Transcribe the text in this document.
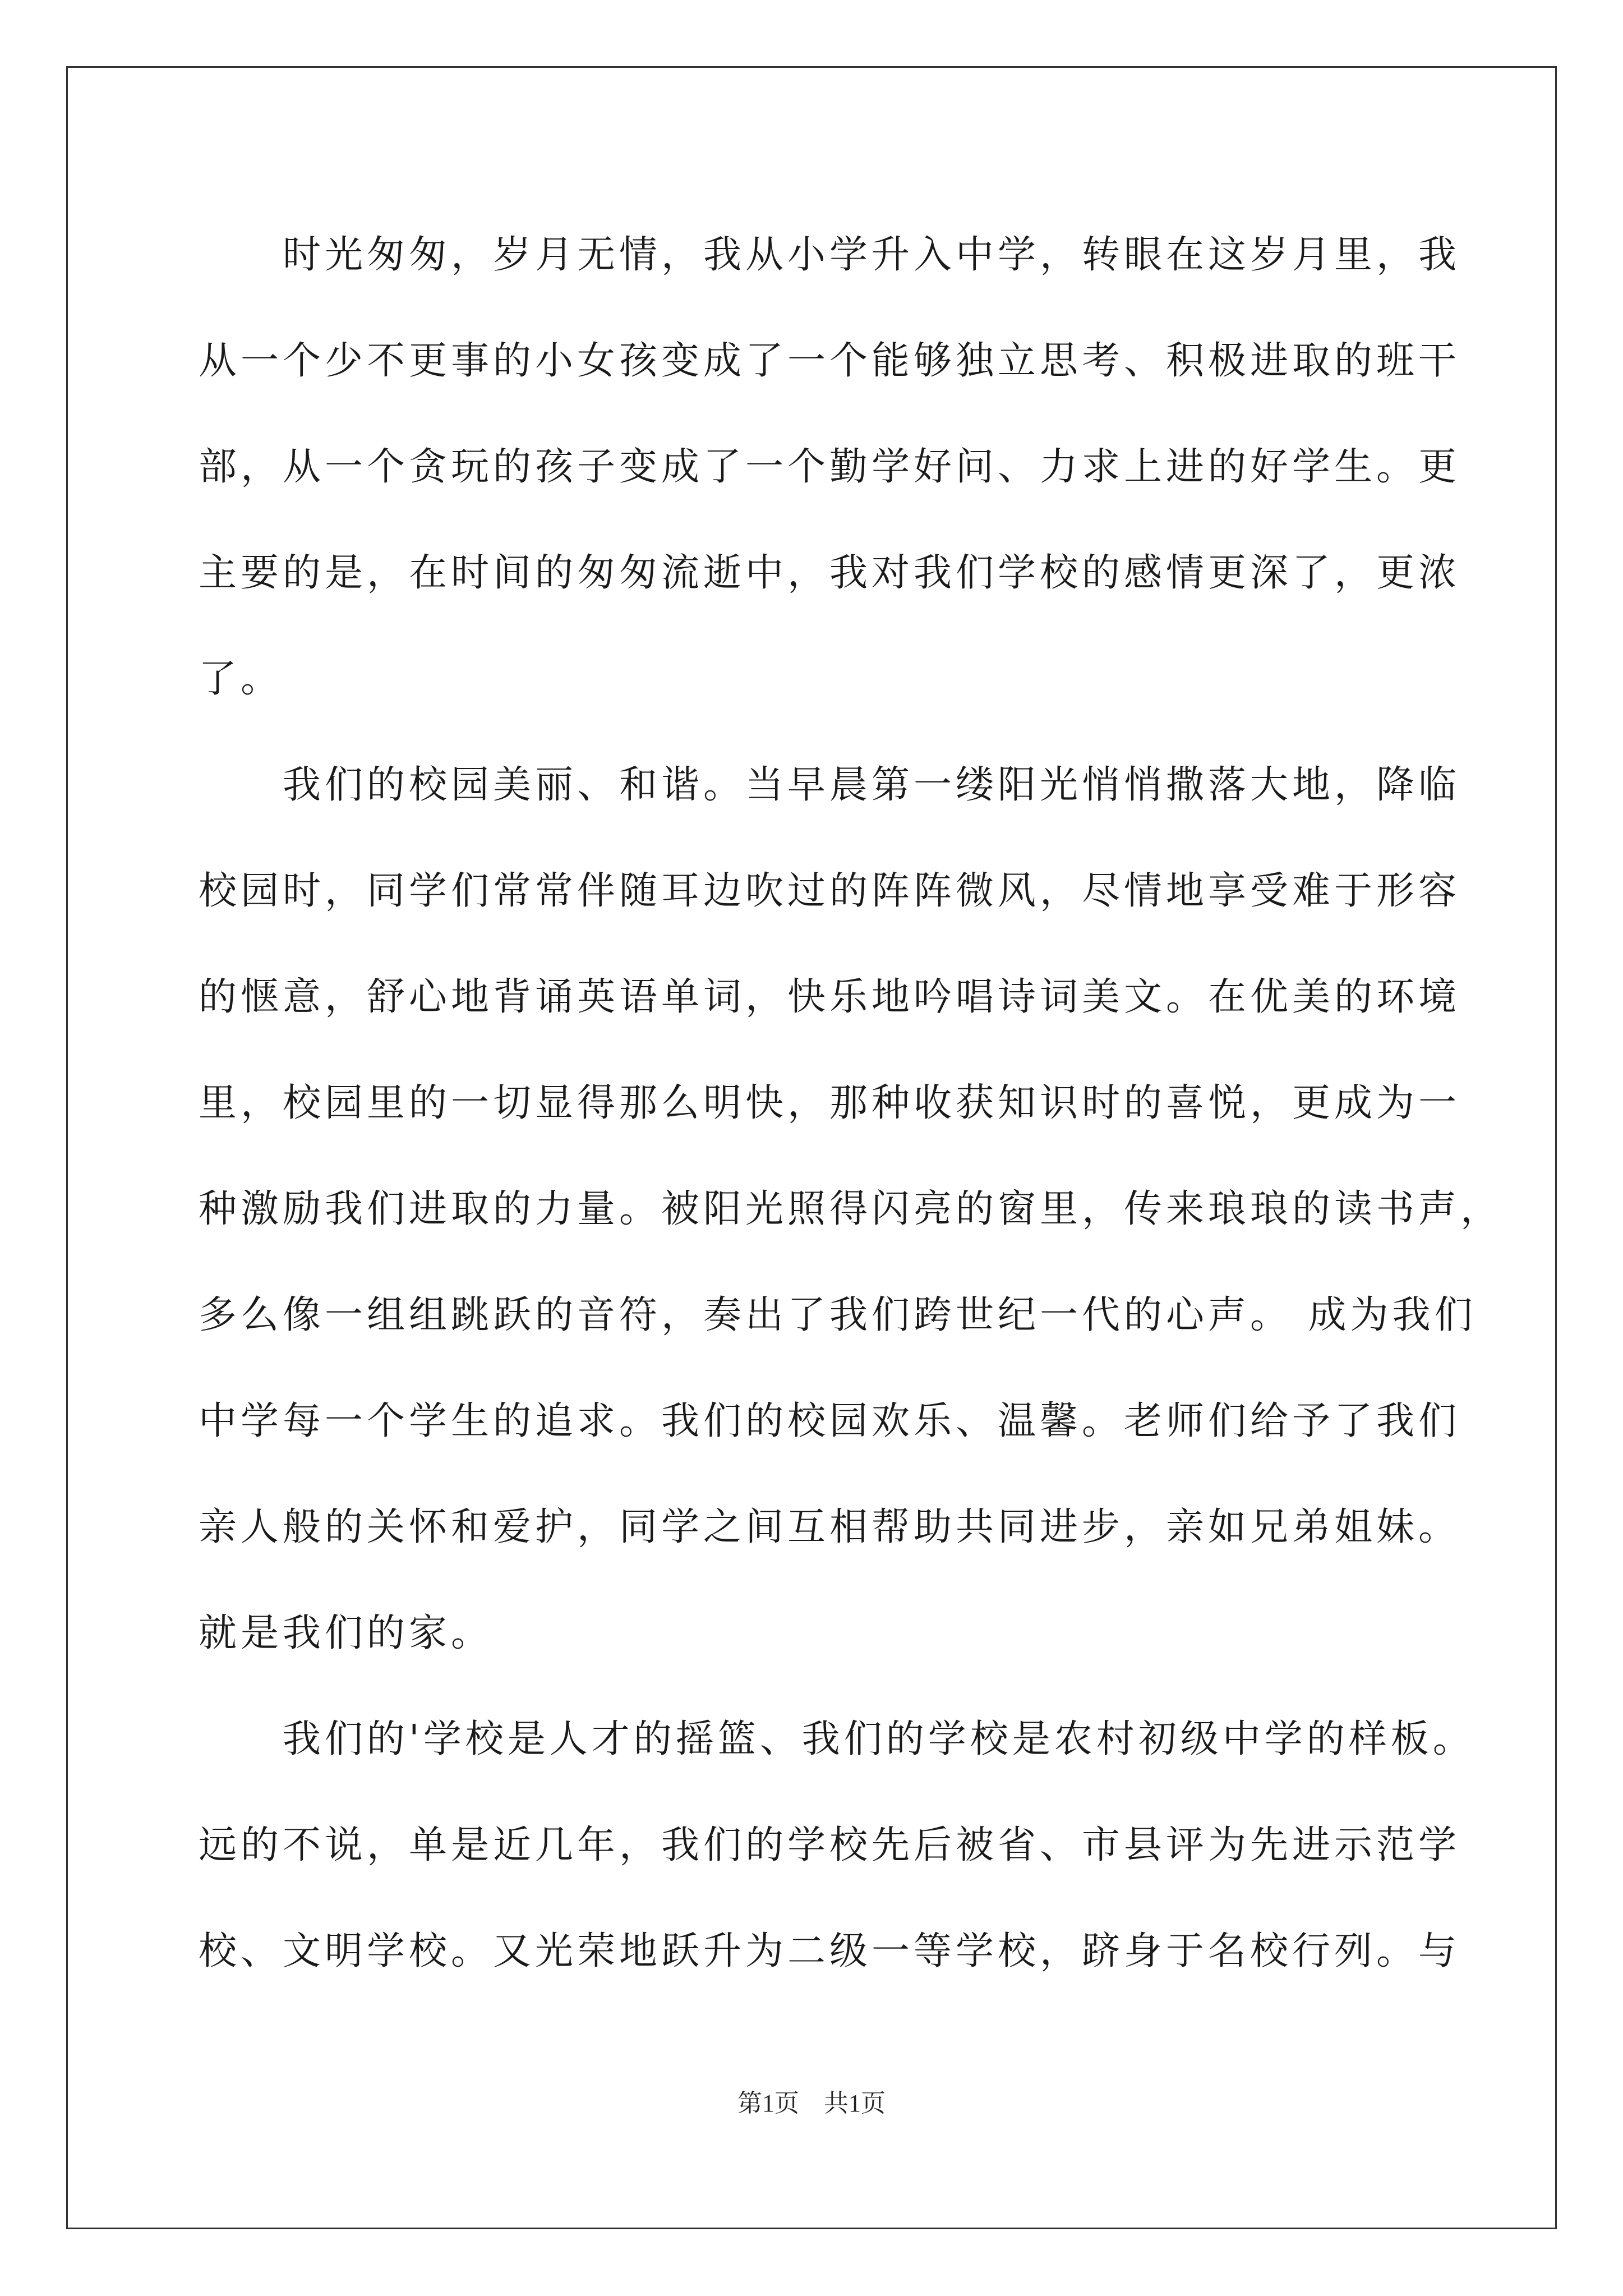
时光匆匆，岁月无情，我从小学升入中学，转眼在这岁月里，我
从一个少不更事的小女孩变成了一个能够独立思考、积极进取的班干
部，从一个贪玩的孩子变成了一个勤学好问、力求上进的好学生。更
主要的是，在时间的匆匆流逝中，我对我们学校的感情更深了，更浓
了。
我们的校园美丽、和谐。当早晨第一缕阳光悄悄撒落大地，降临
校园时，同学们常常伴随耳边吹过的阵阵微风，尽情地享受难于形容
的惬意，舒心地背诵英语单词，快乐地吟唱诗词美文。在优美的环境
里，校园里的一切显得那么明快，那种收获知识时的喜悦，更成为一
种激励我们进取的力量。被阳光照得闪亮的窗里，传来琅琅的读书声，
多么像一组组跳跃的音符，奏出了我们跨世纪一代的心声。 成为我们
中学每一个学生的追求。我们的校园欢乐、温馨。老师们给予了我们
亲人般的关怀和爱护，同学之间互相帮助共同进步，亲如兄弟姐妹。
就是我们的家。
我们的'学校是人才的摇篮、我们的学校是农村初级中学的样板。
远的不说，单是近几年，我们的学校先后被省、市县评为先进示范学
校、文明学校。又光荣地跃升为二级一等学校，跻身于名校行列。与
第1页　共1页
